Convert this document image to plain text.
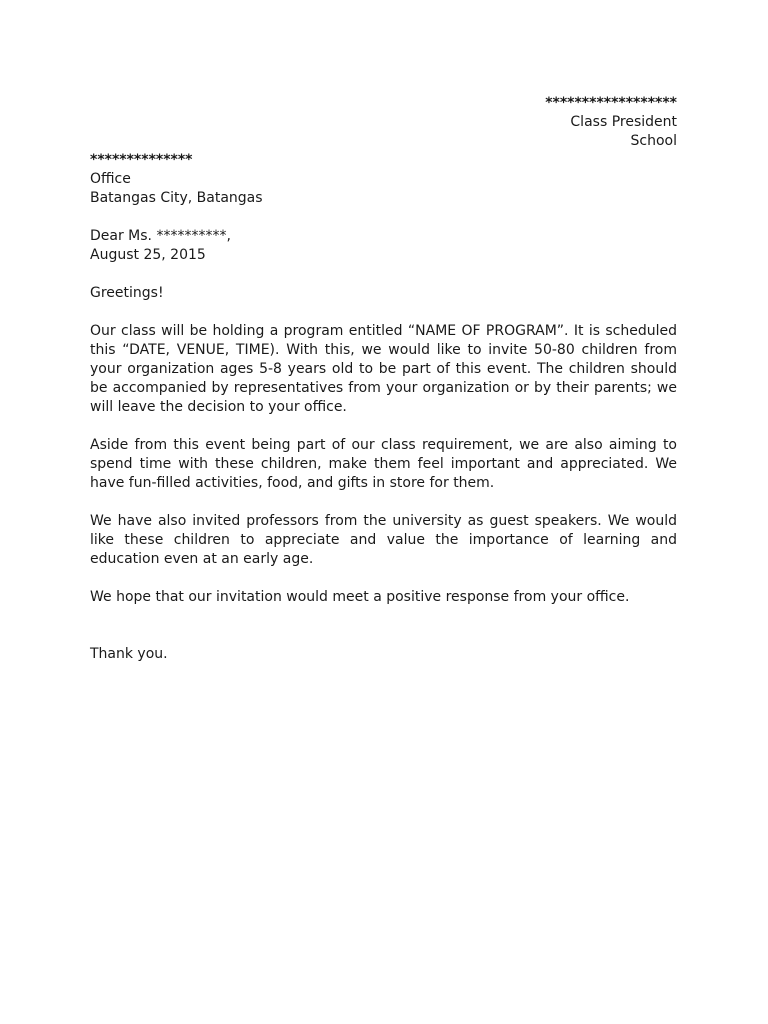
******************
Class President
School
**************
Office
Batangas City, Batangas
Dear Ms. **********,
August 25, 2015
Greetings!

Our class will be holding a program entitled “NAME OF PROGRAM”. It is scheduled this “DATE, VENUE, TIME). With this, we would like to invite 50-80 children from your organization ages 5-8 years old to be part of this event. The children should be accompanied by representatives from your organization or by their parents; we will leave the decision to your office.

Aside from this event being part of our class requirement, we are also aiming to spend time with these children, make them feel important and appreciated. We have fun-filled activities, food, and gifts in store for them.

We have also invited professors from the university as guest speakers. We would like these children to appreciate and value the importance of learning and education even at an early age.

We hope that our invitation would meet a positive response from your office.

Thank you.
